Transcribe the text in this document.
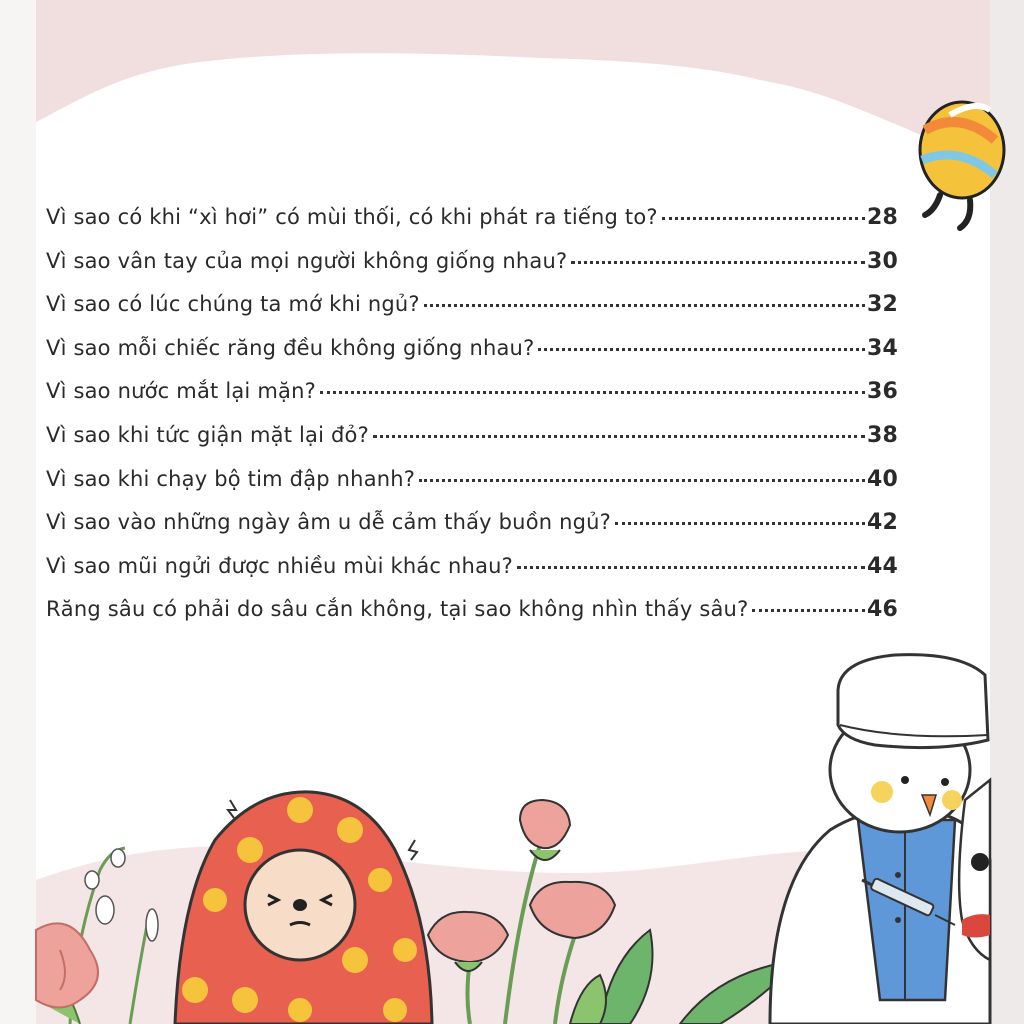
Vì sao có khi “xì hơi” có mùi thối, có khi phát ra tiếng to?	28
Vì sao vân tay của mọi người không giống nhau?	30
Vì sao có lúc chúng ta mớ khi ngủ?	32
Vì sao mỗi chiếc răng đều không giống nhau?	34
Vì sao nước mắt lại mặn?	36
Vì sao khi tức giận mặt lại đỏ?	38
Vì sao khi chạy bộ tim đập nhanh?	40
Vì sao vào những ngày âm u dễ cảm thấy buồn ngủ?	42
Vì sao mũi ngửi được nhiều mùi khác nhau?	44
Răng sâu có phải do sâu cắn không, tại sao không nhìn thấy sâu?	46
